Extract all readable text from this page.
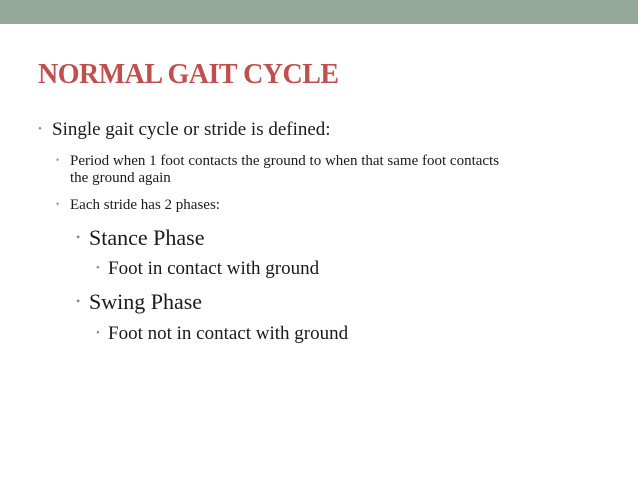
NORMAL GAIT CYCLE
• Single gait cycle or stride is defined:
• Period when 1 foot contacts the ground to when that same foot contacts
the ground again
• Each stride has 2 phases:
• Stance Phase
• Foot in contact with ground
• Swing Phase
• Foot not in contact with ground
